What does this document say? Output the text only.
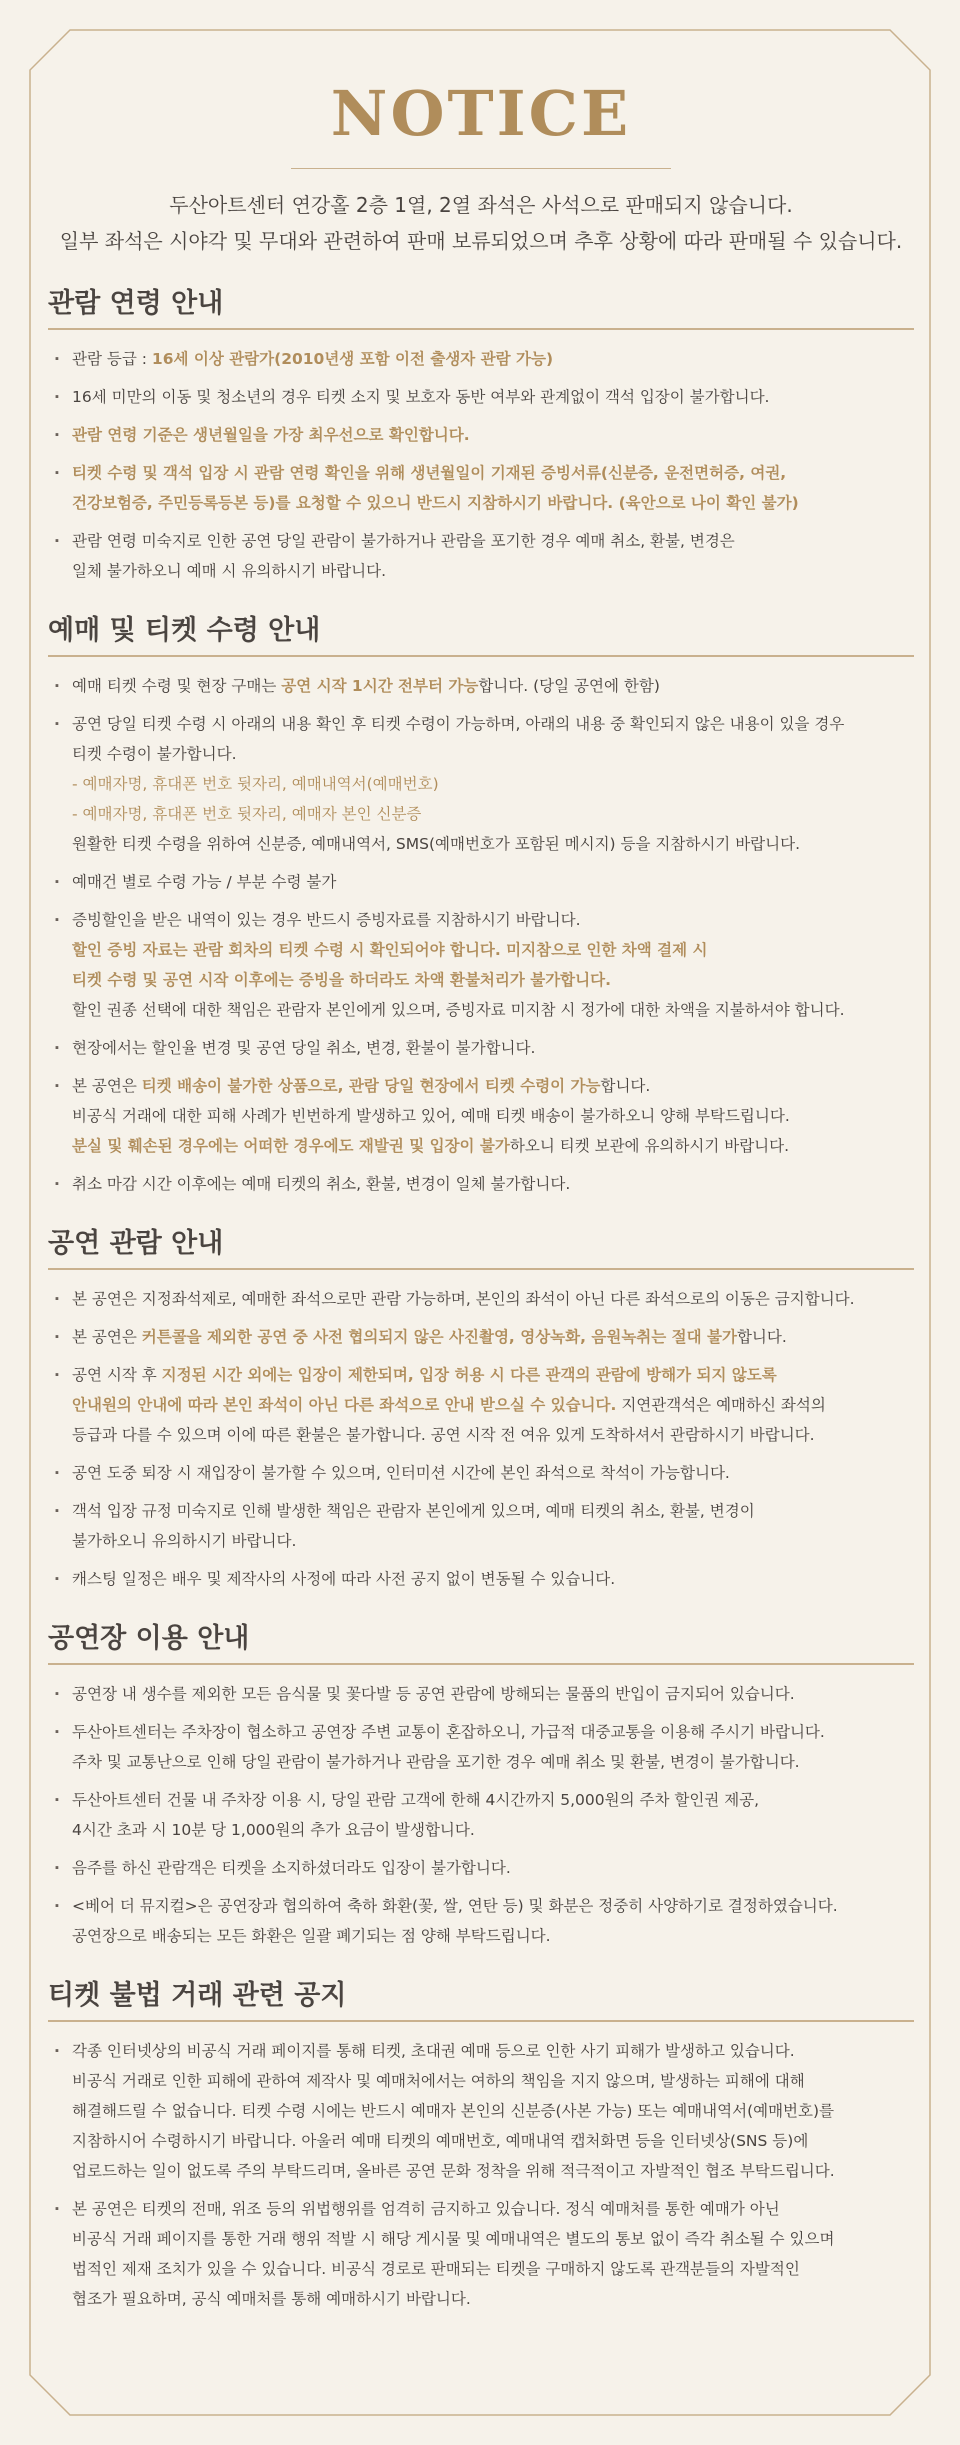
NOTICE
두산아트센터 연강홀 2층 1열, 2열 좌석은 사석으로 판매되지 않습니다.
일부 좌석은 시야각 및 무대와 관련하여 판매 보류되었으며 추후 상황에 따라 판매될 수 있습니다.
관람 연령 안내
· 관람 등급 : 16세 이상 관람가(2010년생 포함 이전 출생자 관람 가능)
· 16세 미만의 이동 및 청소년의 경우 티켓 소지 및 보호자 동반 여부와 관계없이 객석 입장이 불가합니다.
· 관람 연령 기준은 생년월일을 가장 최우선으로 확인합니다.
· 티켓 수령 및 객석 입장 시 관람 연령 확인을 위해 생년월일이 기재된 증빙서류(신분증, 운전면허증, 여권,
건강보험증, 주민등록등본 등)를 요청할 수 있으니 반드시 지참하시기 바랍니다. (육안으로 나이 확인 불가)
· 관람 연령 미숙지로 인한 공연 당일 관람이 불가하거나 관람을 포기한 경우 예매 취소, 환불, 변경은
일체 불가하오니 예매 시 유의하시기 바랍니다.
예매 및 티켓 수령 안내
· 예매 티켓 수령 및 현장 구매는 공연 시작 1시간 전부터 가능합니다. (당일 공연에 한함)
· 공연 당일 티켓 수령 시 아래의 내용 확인 후 티켓 수령이 가능하며, 아래의 내용 중 확인되지 않은 내용이 있을 경우
티켓 수령이 불가합니다.
- 예매자명, 휴대폰 번호 뒷자리, 예매내역서(예매번호)
- 예매자명, 휴대폰 번호 뒷자리, 예매자 본인 신분증
원활한 티켓 수령을 위하여 신분증, 예매내역서, SMS(예매번호가 포함된 메시지) 등을 지참하시기 바랍니다.
· 예매건 별로 수령 가능 / 부분 수령 불가
· 증빙할인을 받은 내역이 있는 경우 반드시 증빙자료를 지참하시기 바랍니다.
할인 증빙 자료는 관람 회차의 티켓 수령 시 확인되어야 합니다. 미지참으로 인한 차액 결제 시
티켓 수령 및 공연 시작 이후에는 증빙을 하더라도 차액 환불처리가 불가합니다.
할인 권종 선택에 대한 책임은 관람자 본인에게 있으며, 증빙자료 미지참 시 정가에 대한 차액을 지불하셔야 합니다.
· 현장에서는 할인율 변경 및 공연 당일 취소, 변경, 환불이 불가합니다.
· 본 공연은 티켓 배송이 불가한 상품으로, 관람 당일 현장에서 티켓 수령이 가능합니다.
비공식 거래에 대한 피해 사례가 빈번하게 발생하고 있어, 예매 티켓 배송이 불가하오니 양해 부탁드립니다.
분실 및 훼손된 경우에는 어떠한 경우에도 재발권 및 입장이 불가하오니 티켓 보관에 유의하시기 바랍니다.
· 취소 마감 시간 이후에는 예매 티켓의 취소, 환불, 변경이 일체 불가합니다.
공연 관람 안내
· 본 공연은 지정좌석제로, 예매한 좌석으로만 관람 가능하며, 본인의 좌석이 아닌 다른 좌석으로의 이동은 금지합니다.
· 본 공연은 커튼콜을 제외한 공연 중 사전 협의되지 않은 사진촬영, 영상녹화, 음원녹취는 절대 불가합니다.
· 공연 시작 후 지정된 시간 외에는 입장이 제한되며, 입장 허용 시 다른 관객의 관람에 방해가 되지 않도록
안내원의 안내에 따라 본인 좌석이 아닌 다른 좌석으로 안내 받으실 수 있습니다. 지연관객석은 예매하신 좌석의
등급과 다를 수 있으며 이에 따른 환불은 불가합니다. 공연 시작 전 여유 있게 도착하셔서 관람하시기 바랍니다.
· 공연 도중 퇴장 시 재입장이 불가할 수 있으며, 인터미션 시간에 본인 좌석으로 착석이 가능합니다.
· 객석 입장 규정 미숙지로 인해 발생한 책임은 관람자 본인에게 있으며, 예매 티켓의 취소, 환불, 변경이
불가하오니 유의하시기 바랍니다.
· 캐스팅 일정은 배우 및 제작사의 사정에 따라 사전 공지 없이 변동될 수 있습니다.
공연장 이용 안내
· 공연장 내 생수를 제외한 모든 음식물 및 꽃다발 등 공연 관람에 방해되는 물품의 반입이 금지되어 있습니다.
· 두산아트센터는 주차장이 협소하고 공연장 주변 교통이 혼잡하오니, 가급적 대중교통을 이용해 주시기 바랍니다.
주차 및 교통난으로 인해 당일 관람이 불가하거나 관람을 포기한 경우 예매 취소 및 환불, 변경이 불가합니다.
· 두산아트센터 건물 내 주차장 이용 시, 당일 관람 고객에 한해 4시간까지 5,000원의 주차 할인권 제공,
4시간 초과 시 10분 당 1,000원의 추가 요금이 발생합니다.
· 음주를 하신 관람객은 티켓을 소지하셨더라도 입장이 불가합니다.
· <베어 더 뮤지컬>은 공연장과 협의하여 축하 화환(꽃, 쌀, 연탄 등) 및 화분은 정중히 사양하기로 결정하였습니다.
공연장으로 배송되는 모든 화환은 일괄 폐기되는 점 양해 부탁드립니다.
티켓 불법 거래 관련 공지
· 각종 인터넷상의 비공식 거래 페이지를 통해 티켓, 초대권 예매 등으로 인한 사기 피해가 발생하고 있습니다.
비공식 거래로 인한 피해에 관하여 제작사 및 예매처에서는 여하의 책임을 지지 않으며, 발생하는 피해에 대해
해결해드릴 수 없습니다. 티켓 수령 시에는 반드시 예매자 본인의 신분증(사본 가능) 또는 예매내역서(예매번호)를
지참하시어 수령하시기 바랍니다. 아울러 예매 티켓의 예매번호, 예매내역 캡처화면 등을 인터넷상(SNS 등)에
업로드하는 일이 없도록 주의 부탁드리며, 올바른 공연 문화 정착을 위해 적극적이고 자발적인 협조 부탁드립니다.
· 본 공연은 티켓의 전매, 위조 등의 위법행위를 엄격히 금지하고 있습니다. 정식 예매처를 통한 예매가 아닌
비공식 거래 페이지를 통한 거래 행위 적발 시 해당 게시물 및 예매내역은 별도의 통보 없이 즉각 취소될 수 있으며
법적인 제재 조치가 있을 수 있습니다. 비공식 경로로 판매되는 티켓을 구매하지 않도록 관객분들의 자발적인
협조가 필요하며, 공식 예매처를 통해 예매하시기 바랍니다.
